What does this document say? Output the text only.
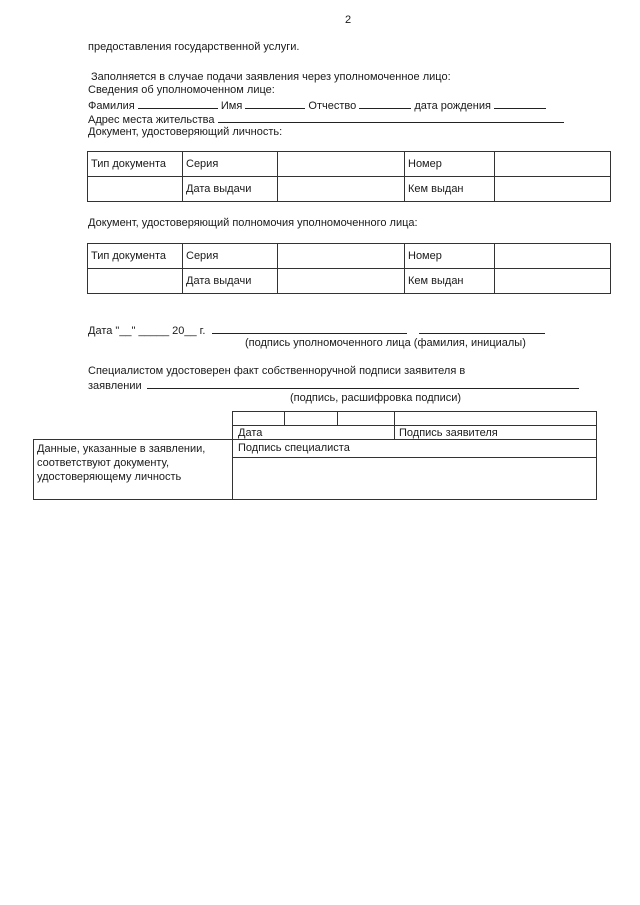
2
предоставления государственной услуги.
Заполняется в случае подачи заявления через уполномоченное лицо:
Сведения об уполномоченном лице:
Фамилия	Имя	Отчество	дата рождения
Адрес места жительства
Документ, удостоверяющий личность:
Тип документа	Серия		Номер	
	Дата выдачи		Кем выдан	
Документ, удостоверяющий полномочия уполномоченного лица:
Тип документа	Серия		Номер	
	Дата выдачи		Кем выдан	
Дата "__" _____ 20__ г.
(подпись уполномоченного лица (фамилия, инициалы)
Специалистом удостоверен факт собственноручной подписи заявителя в
заявлении
(подпись, расшифровка подписи)
Дата	Подпись заявителя
Данные, указанные в заявлении, соответствуют документу, удостоверяющему личность
Подпись специалиста
